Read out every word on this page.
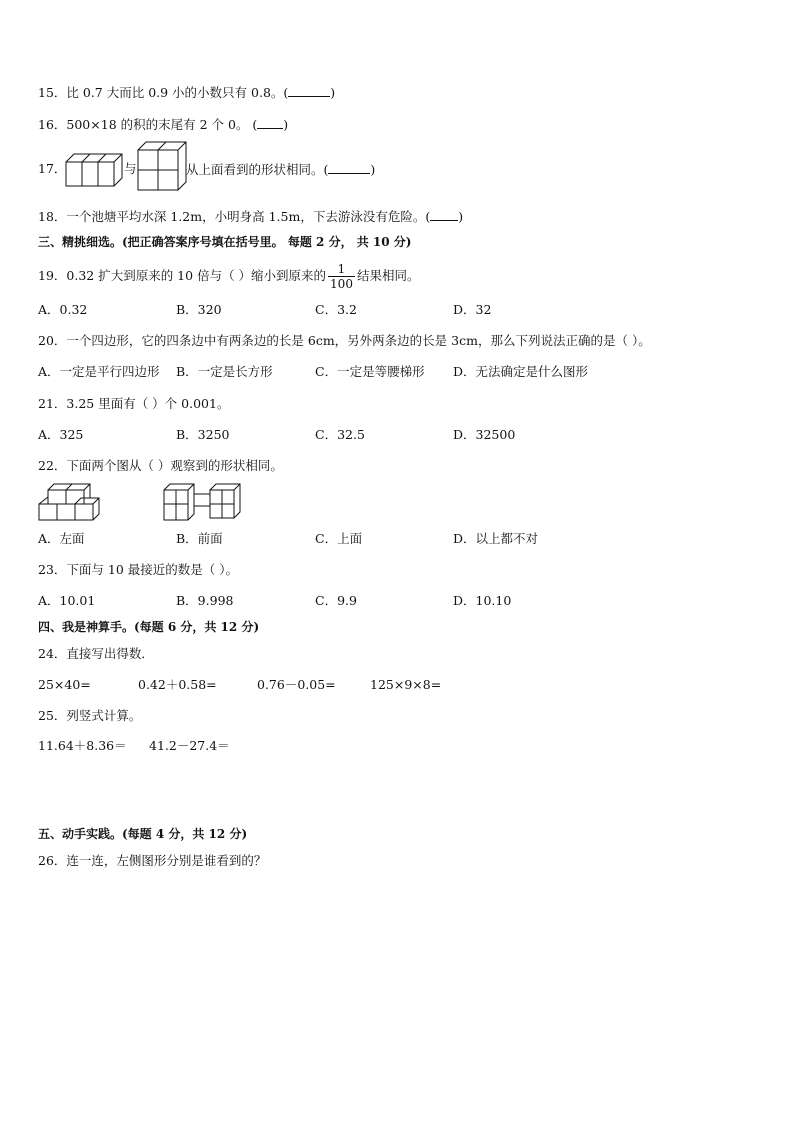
15．比 0.7 大而比 0.9 小的小数只有 0.8。(	)
16．500×18 的积的末尾有 2 个 0。 ( )
17．	与	从上面看到的形状相同。(	)
18．一个池塘平均水深 1.2m，小明身高 1.5m，下去游泳没有危险。( )
三、精挑细选。(把正确答案序号填在括号里。 每题 2 分， 共 10 分)
19．0.32 扩大到原来的 10 倍与（ ）缩小到原来的 $\frac{1}{100}$ 结果相同。
A．0.32	B．320	C．3.2	D．32
20．一个四边形，它的四条边中有两条边的长是 6cm，另外两条边的长是 3cm，那么下列说法正确的是（ ）。
A．一定是平行四边形 B．一定是长方形	C．一定是等腰梯形 D．无法确定是什么图形
21．3.25 里面有（ ）个 0.001。
A．325	B．3250	C．32.5	D．32500
22．下面两个图从（ ）观察到的形状相同。
A．左面	B．前面	C．上面	D．以上都不对
23．下面与 10 最接近的数是（ ）。
A．10.01	B．9.998	C．9.9	D．10.10
四、我是神算手。(每题 6 分，共 12 分)
24．直接写出得数．
25×40=	0.42＋0.58=	0.76－0.05=	125×9×8=
25．列竖式计算。
11.64＋8.36＝ 41.2－27.4＝
五、动手实践。(每题 4 分，共 12 分)
26．连一连，左侧图形分别是谁看到的？
